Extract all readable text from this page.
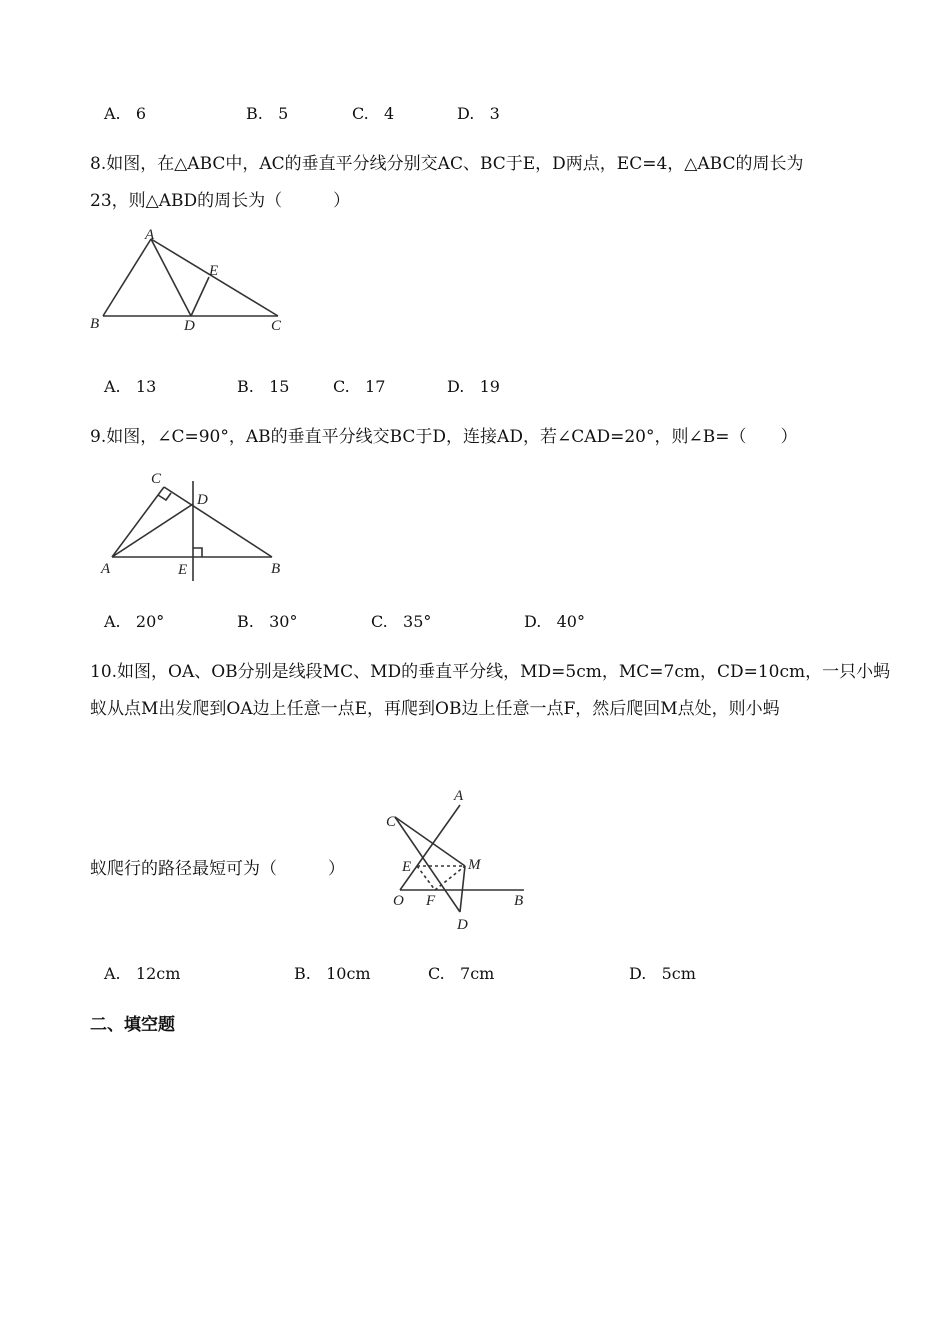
A. 6	B. 5	C. 4	D. 3
8.如图，在△ABC中，AC的垂直平分线分别交AC、BC于E，D两点，EC=4，△ABC的周长为
23，则△ABD的周长为（　　　）
A
B	D	C
E
A. 13	B. 15	C. 17	D. 19
9.如图，∠C=90°，AB的垂直平分线交BC于D，连接AD，若∠CAD=20°，则∠B=（　　）
C
D
A	E	B
A. 20°	B. 30°	C. 35°	D. 40°
10.如图，OA、OB分别是线段MC、MD的垂直平分线，MD=5cm，MC=7cm，CD=10cm，一只小蚂
蚁从点M出发爬到OA边上任意一点E，再爬到OB边上任意一点F，然后爬回M点处，则小蚂
蚁爬行的路径最短可为（　　　）
A
C
E	M
O F	B
D
A. 12cm	B. 10cm	C. 7cm	D. 5cm
二、填空题
